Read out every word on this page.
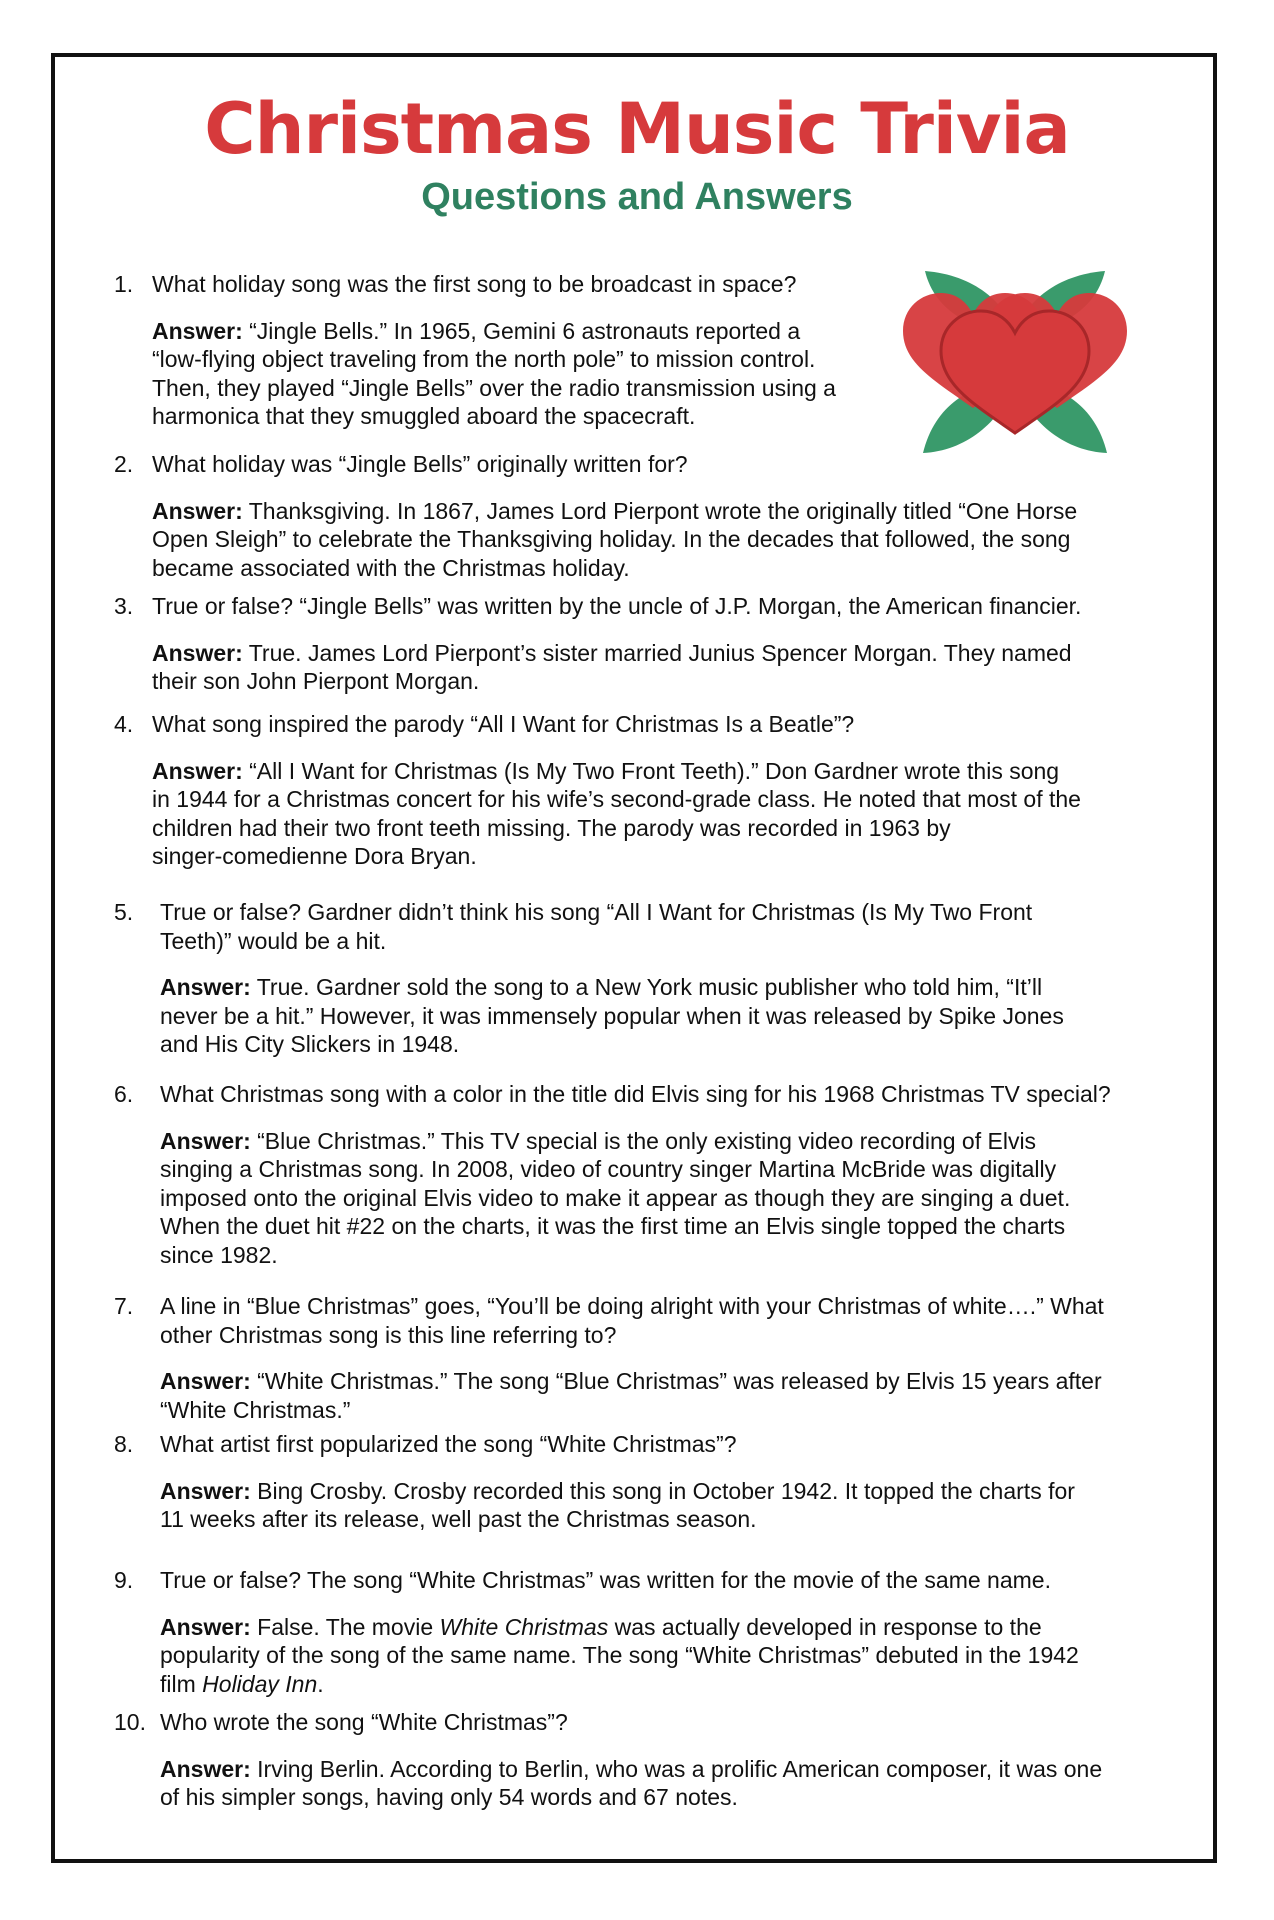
Christmas Music Trivia
Questions and Answers

1. What holiday song was the first song to be broadcast in space?

Answer: “Jingle Bells.” In 1965, Gemini 6 astronauts reported a
“low-flying object traveling from the north pole” to mission control.
Then, they played “Jingle Bells” over the radio transmission using a
harmonica that they smuggled aboard the spacecraft.

2. What holiday was “Jingle Bells” originally written for?

Answer: Thanksgiving. In 1867, James Lord Pierpont wrote the originally titled “One Horse
Open Sleigh” to celebrate the Thanksgiving holiday. In the decades that followed, the song
became associated with the Christmas holiday.

3. True or false? “Jingle Bells” was written by the uncle of J.P. Morgan, the American financier.

Answer: True. James Lord Pierpont’s sister married Junius Spencer Morgan. They named
their son John Pierpont Morgan.

4. What song inspired the parody “All I Want for Christmas Is a Beatle”?

Answer: “All I Want for Christmas (Is My Two Front Teeth).” Don Gardner wrote this song
in 1944 for a Christmas concert for his wife’s second-grade class. He noted that most of the
children had their two front teeth missing. The parody was recorded in 1963 by
singer-comedienne Dora Bryan.

5. True or false? Gardner didn’t think his song “All I Want for Christmas (Is My Two Front
Teeth)” would be a hit.

Answer: True. Gardner sold the song to a New York music publisher who told him, “It’ll
never be a hit.” However, it was immensely popular when it was released by Spike Jones
and His City Slickers in 1948.

6. What Christmas song with a color in the title did Elvis sing for his 1968 Christmas TV special?

Answer: “Blue Christmas.” This TV special is the only existing video recording of Elvis
singing a Christmas song. In 2008, video of country singer Martina McBride was digitally
imposed onto the original Elvis video to make it appear as though they are singing a duet.
When the duet hit #22 on the charts, it was the first time an Elvis single topped the charts
since 1982.

7. A line in “Blue Christmas” goes, “You’ll be doing alright with your Christmas of white….” What
other Christmas song is this line referring to?

Answer: “White Christmas.” The song “Blue Christmas” was released by Elvis 15 years after
“White Christmas.”

8. What artist first popularized the song “White Christmas”?

Answer: Bing Crosby. Crosby recorded this song in October 1942. It topped the charts for
11 weeks after its release, well past the Christmas season.

9. True or false? The song “White Christmas” was written for the movie of the same name.

Answer: False. The movie White Christmas was actually developed in response to the
popularity of the song of the same name. The song “White Christmas” debuted in the 1942
film Holiday Inn.

10. Who wrote the song “White Christmas”?

Answer: Irving Berlin. According to Berlin, who was a prolific American composer, it was one
of his simpler songs, having only 54 words and 67 notes.
